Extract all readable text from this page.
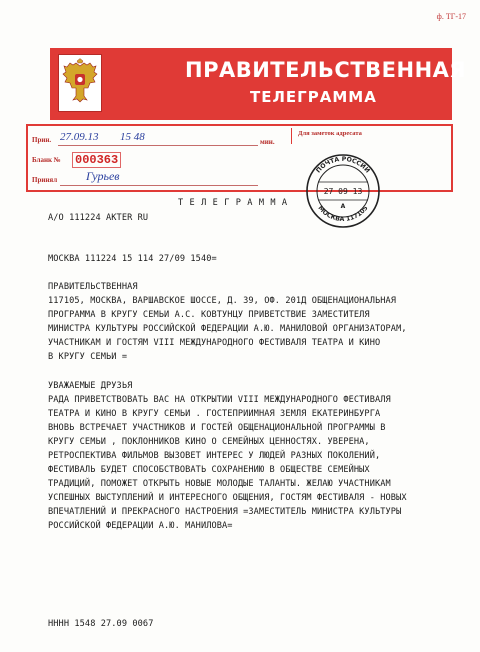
ф. ТГ-17
ПРАВИТЕЛЬСТВЕННАЯ
ТЕЛЕГРАММА
Прин. 27.09.13 15 48	мин.
Для заметок адресата
Бланк № 000363
Принял Гурьев	ПОЧТА РОССИИ
МОСКВА 117105
27 09 13
А
Т Е Л Е Г Р А М М А
А/О 111224 AKTER RU
МОСКВА 111224 15 114 27/09 1540=
ПРАВИТЕЛЬСТВЕННАЯ
117105, МОСКВА, ВАРШАВСКОЕ ШОССЕ, Д. 39, ОФ. 201Д ОБЩЕНАЦИОНАЛЬНАЯ
ПРОГРАММА В КРУГУ СЕМЬИ А.С. КОВТУНЦУ ПРИВЕТСТВИЕ ЗАМЕСТИТЕЛЯ
МИНИСТРА КУЛЬТУРЫ РОССИЙСКОЙ ФЕДЕРАЦИИ А.Ю. МАНИЛОВОЙ ОРГАНИЗАТОРАМ,
УЧАСТНИКАМ И ГОСТЯМ VIII МЕЖДУНАРОДНОГО ФЕСТИВАЛЯ ТЕАТРА И КИНО
В КРУГУ СЕМЬИ =
УВАЖАЕМЫЕ ДРУЗЬЯ
РАДА ПРИВЕТСТВОВАТЬ ВАС НА ОТКРЫТИИ VIII МЕЖДУНАРОДНОГО ФЕСТИВАЛЯ
ТЕАТРА И КИНО В КРУГУ СЕМЬИ . ГОСТЕПРИИМНАЯ ЗЕМЛЯ ЕКАТЕРИНБУРГА
ВНОВЬ ВСТРЕЧАЕТ УЧАСТНИКОВ И ГОСТЕЙ ОБЩЕНАЦИОНАЛЬНОЙ ПРОГРАММЫ В
КРУГУ СЕМЬИ , ПОКЛОННИКОВ КИНО О СЕМЕЙНЫХ ЦЕННОСТЯХ. УВЕРЕНА,
РЕТРОСПЕКТИВА ФИЛЬМОВ ВЫЗОВЕТ ИНТЕРЕС У ЛЮДЕЙ РАЗНЫХ ПОКОЛЕНИЙ,
ФЕСТИВАЛЬ БУДЕТ СПОСОБСТВОВАТЬ СОХРАНЕНИЮ В ОБЩЕСТВЕ СЕМЕЙНЫХ
ТРАДИЦИЙ, ПОМОЖЕТ ОТКРЫТЬ НОВЫЕ МОЛОДЫЕ ТАЛАНТЫ. ЖЕЛАЮ УЧАСТНИКАМ
УСПЕШНЫХ ВЫСТУПЛЕНИЙ И ИНТЕРЕСНОГО ОБЩЕНИЯ, ГОСТЯМ ФЕСТИВАЛЯ - НОВЫХ
ВПЕЧАТЛЕНИЙ И ПРЕКРАСНОГО НАСТРОЕНИЯ =ЗАМЕСТИТЕЛЬ МИНИСТРА КУЛЬТУРЫ
РОССИЙСКОЙ ФЕДЕРАЦИИ А.Ю. МАНИЛОВА=
НННН 1548 27.09 0067
